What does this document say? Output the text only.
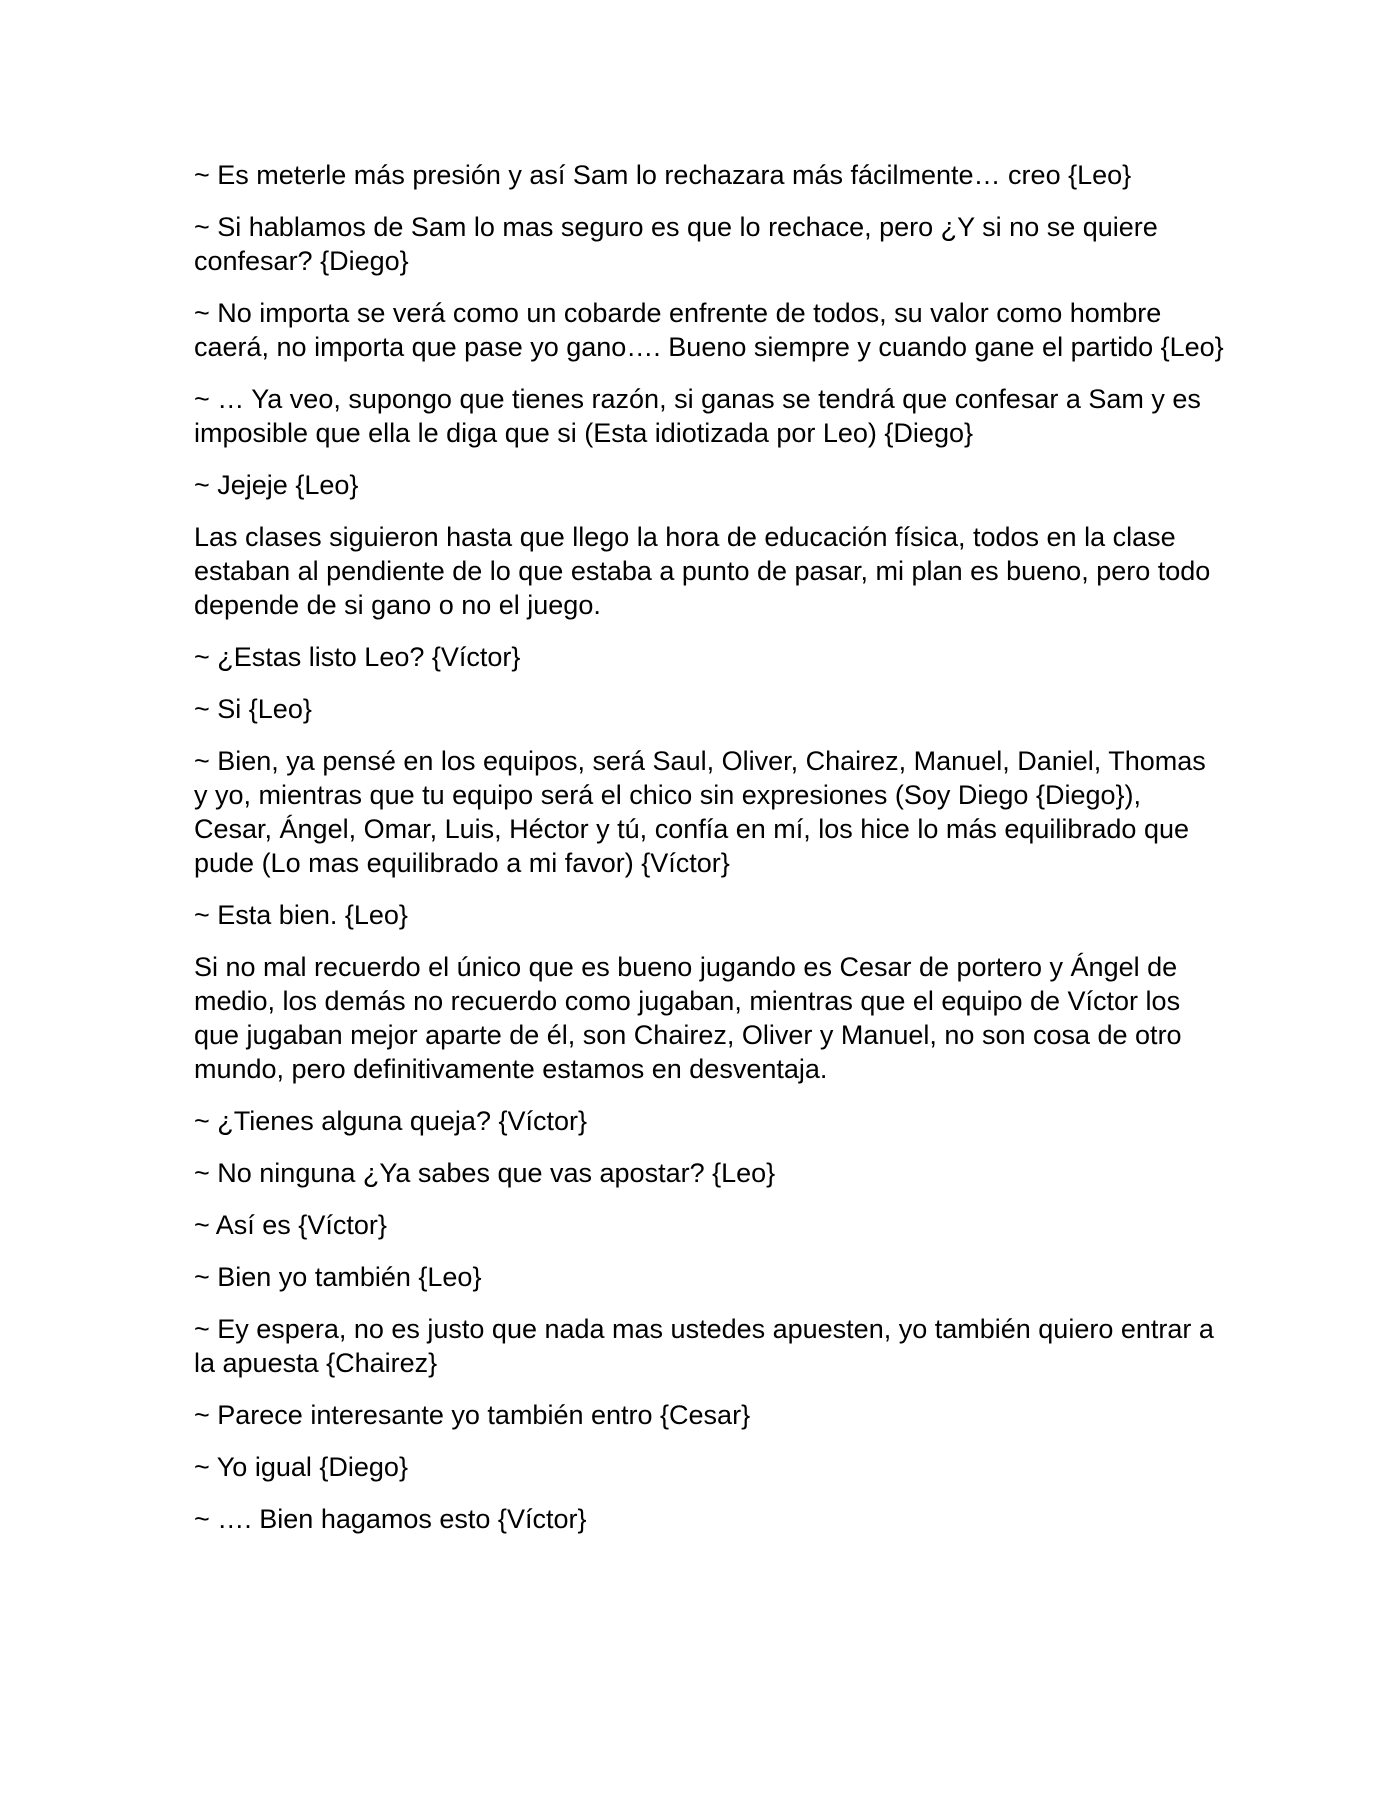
~ Es meterle más presión y así Sam lo rechazara más fácilmente… creo {Leo}

~ Si hablamos de Sam lo mas seguro es que lo rechace, pero ¿Y si no se quiere confesar? {Diego}

~ No importa se verá como un cobarde enfrente de todos, su valor como hombre caerá, no importa que pase yo gano…. Bueno siempre y cuando gane el partido {Leo}

~ … Ya veo, supongo que tienes razón, si ganas se tendrá que confesar a Sam y es imposible que ella le diga que si (Esta idiotizada por Leo) {Diego}

~ Jejeje {Leo}

Las clases siguieron hasta que llego la hora de educación física, todos en la clase estaban al pendiente de lo que estaba a punto de pasar, mi plan es bueno, pero todo depende de si gano o no el juego.

~ ¿Estas listo Leo? {Víctor}

~ Si {Leo}

~ Bien, ya pensé en los equipos, será Saul, Oliver, Chairez, Manuel, Daniel, Thomas y yo, mientras que tu equipo será el chico sin expresiones (Soy Diego {Diego}), Cesar, Ángel, Omar, Luis, Héctor y tú, confía en mí, los hice lo más equilibrado que pude (Lo mas equilibrado a mi favor) {Víctor}

~ Esta bien. {Leo}

Si no mal recuerdo el único que es bueno jugando es Cesar de portero y Ángel de medio, los demás no recuerdo como jugaban, mientras que el equipo de Víctor los que jugaban mejor aparte de él, son Chairez, Oliver y Manuel, no son cosa de otro mundo, pero definitivamente estamos en desventaja.

~ ¿Tienes alguna queja? {Víctor}

~ No ninguna ¿Ya sabes que vas apostar? {Leo}

~ Así es {Víctor}

~ Bien yo también {Leo}

~ Ey espera, no es justo que nada mas ustedes apuesten, yo también quiero entrar a la apuesta {Chairez}

~ Parece interesante yo también entro {Cesar}

~ Yo igual {Diego}

~ …. Bien hagamos esto {Víctor}
